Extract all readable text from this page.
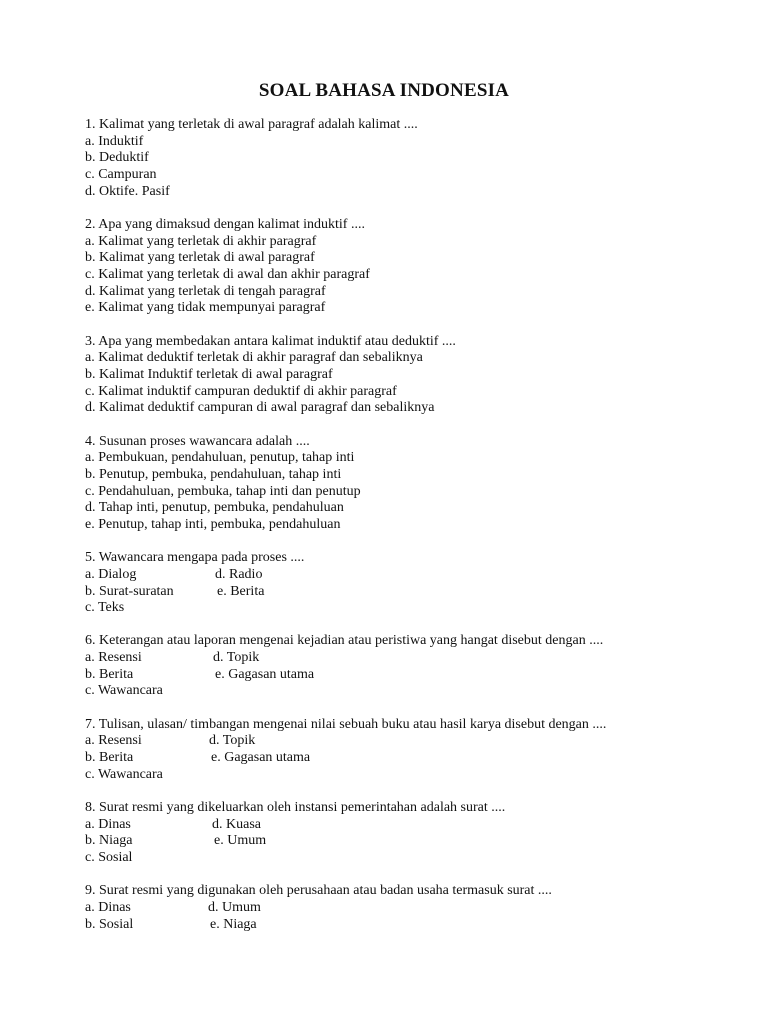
SOAL BAHASA INDONESIA
1. Kalimat yang terletak di awal paragraf adalah kalimat ....
a. Induktif
b. Deduktif
c. Campuran
d. Oktife. Pasif
2. Apa yang dimaksud dengan kalimat induktif ....
a. Kalimat yang terletak di akhir paragraf
b. Kalimat yang terletak di awal paragraf
c. Kalimat yang terletak di awal dan akhir paragraf
d. Kalimat yang terletak di tengah paragraf
e. Kalimat yang tidak mempunyai paragraf
3. Apa yang membedakan antara kalimat induktif atau deduktif ....
a. Kalimat deduktif terletak di akhir paragraf dan sebaliknya
b. Kalimat Induktif terletak di awal paragraf
c. Kalimat induktif campuran deduktif di akhir paragraf
d. Kalimat deduktif campuran di awal paragraf dan sebaliknya
4. Susunan proses wawancara adalah ....
a. Pembukuan, pendahuluan, penutup, tahap inti
b. Penutup, pembuka, pendahuluan, tahap inti
c. Pendahuluan, pembuka, tahap inti dan penutup
d. Tahap inti, penutup, pembuka, pendahuluan
e. Penutup, tahap inti, pembuka, pendahuluan
5. Wawancara mengapa pada proses ....
a. Dialog	d. Radio
b. Surat-suratan	e. Berita
c. Teks
6. Keterangan atau laporan mengenai kejadian atau peristiwa yang hangat disebut dengan ....
a. Resensi	d. Topik
b. Berita	e. Gagasan utama
c. Wawancara
7. Tulisan, ulasan/ timbangan mengenai nilai sebuah buku atau hasil karya disebut dengan ....
a. Resensi	d. Topik
b. Berita	e. Gagasan utama
c. Wawancara
8. Surat resmi yang dikeluarkan oleh instansi pemerintahan adalah surat ....
a. Dinas	d. Kuasa
b. Niaga	e. Umum
c. Sosial
9. Surat resmi yang digunakan oleh perusahaan atau badan usaha termasuk surat ....
a. Dinas	d. Umum
b. Sosial	e. Niaga
